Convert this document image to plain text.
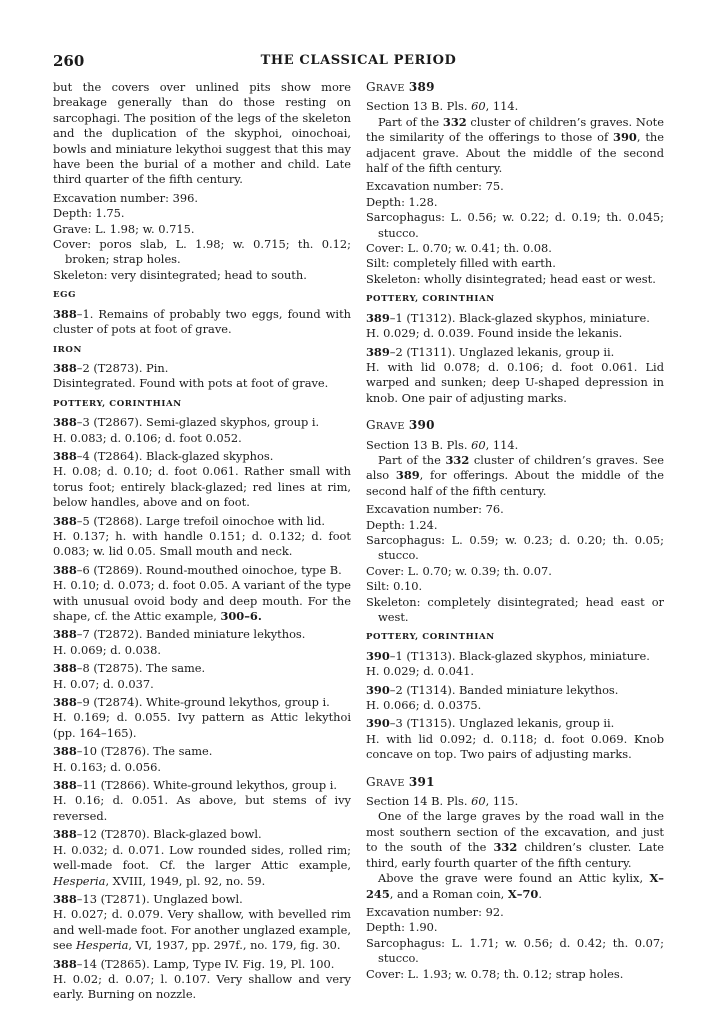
260	THE CLASSICAL PERIOD

but the covers over unlined pits show more breakage generally than do those resting on sarcophagi. The position of the legs of the skeleton and the duplication of the skyphoi, oinochoai, bowls and miniature lekythoi suggest that this may have been the burial of a mother and child. Late third quarter of the fifth century.

Excavation number: 396.

Depth: 1.75.

Grave: L. 1.98; w. 0.715.

Cover: poros slab, L. 1.98; w. 0.715; th. 0.12; broken; strap holes.

Skeleton: very disintegrated; head to south.

EGG

388–1. Remains of probably two eggs, found with cluster of pots at foot of grave.

IRON

388–2 (T2873). Pin.

Disintegrated. Found with pots at foot of grave.

POTTERY, CORINTHIAN

388–3 (T2867). Semi-glazed skyphos, group i.

H. 0.083; d. 0.106; d. foot 0.052.

388–4 (T2864). Black-glazed skyphos.

H. 0.08; d. 0.10; d. foot 0.061. Rather small with torus foot; entirely black-glazed; red lines at rim, below handles, above and on foot.

388–5 (T2868). Large trefoil oinochoe with lid.

H. 0.137; h. with handle 0.151; d. 0.132; d. foot 0.083; w. lid 0.05. Small mouth and neck.

388–6 (T2869). Round-mouthed oinochoe, type B.

H. 0.10; d. 0.073; d. foot 0.05. A variant of the type with unusual ovoid body and deep mouth. For the shape, cf. the Attic example, 300–6.

388–7 (T2872). Banded miniature lekythos.

H. 0.069; d. 0.038.

388–8 (T2875). The same.

H. 0.07; d. 0.037.

388–9 (T2874). White-ground lekythos, group i.

H. 0.169; d. 0.055. Ivy pattern as Attic lekythoi (pp. 164–165).

388–10 (T2876). The same.

H. 0.163; d. 0.056.

388–11 (T2866). White-ground lekythos, group i.

H. 0.16; d. 0.051. As above, but stems of ivy reversed.

388–12 (T2870). Black-glazed bowl.

H. 0.032; d. 0.071. Low rounded sides, rolled rim; well-made foot. Cf. the larger Attic example, Hesperia, XVIII, 1949, pl. 92, no. 59.

388–13 (T2871). Unglazed bowl.

H. 0.027; d. 0.079. Very shallow, with bevelled rim and well-made foot. For another unglazed example, see Hesperia, VI, 1937, pp. 297f., no. 179, fig. 30.

388–14 (T2865). Lamp, Type IV. Fig. 19, Pl. 100.

H. 0.02; d. 0.07; l. 0.107. Very shallow and very early. Burning on nozzle.

GRAVE 389

Section 13 B. Pls. 60, 114.

Part of the 332 cluster of children’s graves. Note the similarity of the offerings to those of 390, the adjacent grave. About the middle of the second half of the fifth century.

Excavation number: 75.

Depth: 1.28.

Sarcophagus: L. 0.56; w. 0.22; d. 0.19; th. 0.045; stucco.

Cover: L. 0.70; w. 0.41; th. 0.08.

Silt: completely filled with earth.

Skeleton: wholly disintegrated; head east or west.

POTTERY, CORINTHIAN

389–1 (T1312). Black-glazed skyphos, miniature.

H. 0.029; d. 0.039. Found inside the lekanis.

389–2 (T1311). Unglazed lekanis, group ii.

H. with lid 0.078; d. 0.106; d. foot 0.061. Lid warped and sunken; deep U-shaped depression in knob. One pair of adjusting marks.

GRAVE 390

Section 13 B. Pls. 60, 114.

Part of the 332 cluster of children’s graves. See also 389, for offerings. About the middle of the second half of the fifth century.

Excavation number: 76.

Depth: 1.24.

Sarcophagus: L. 0.59; w. 0.23; d. 0.20; th. 0.05; stucco.

Cover: L. 0.70; w. 0.39; th. 0.07.

Silt: 0.10.

Skeleton: completely disintegrated; head east or west.

POTTERY, CORINTHIAN

390–1 (T1313). Black-glazed skyphos, miniature.

H. 0.029; d. 0.041.

390–2 (T1314). Banded miniature lekythos.

H. 0.066; d. 0.0375.

390–3 (T1315). Unglazed lekanis, group ii.

H. with lid 0.092; d. 0.118; d. foot 0.069. Knob concave on top. Two pairs of adjusting marks.

GRAVE 391

Section 14 B. Pls. 60, 115.

One of the large graves by the road wall in the most southern section of the excavation, and just to the south of the 332 children’s cluster. Late third, early fourth quarter of the fifth century.

Above the grave were found an Attic kylix, X–245, and a Roman coin, X–70.

Excavation number: 92.

Depth: 1.90.

Sarcophagus: L. 1.71; w. 0.56; d. 0.42; th. 0.07; stucco.

Cover: L. 1.93; w. 0.78; th. 0.12; strap holes.
